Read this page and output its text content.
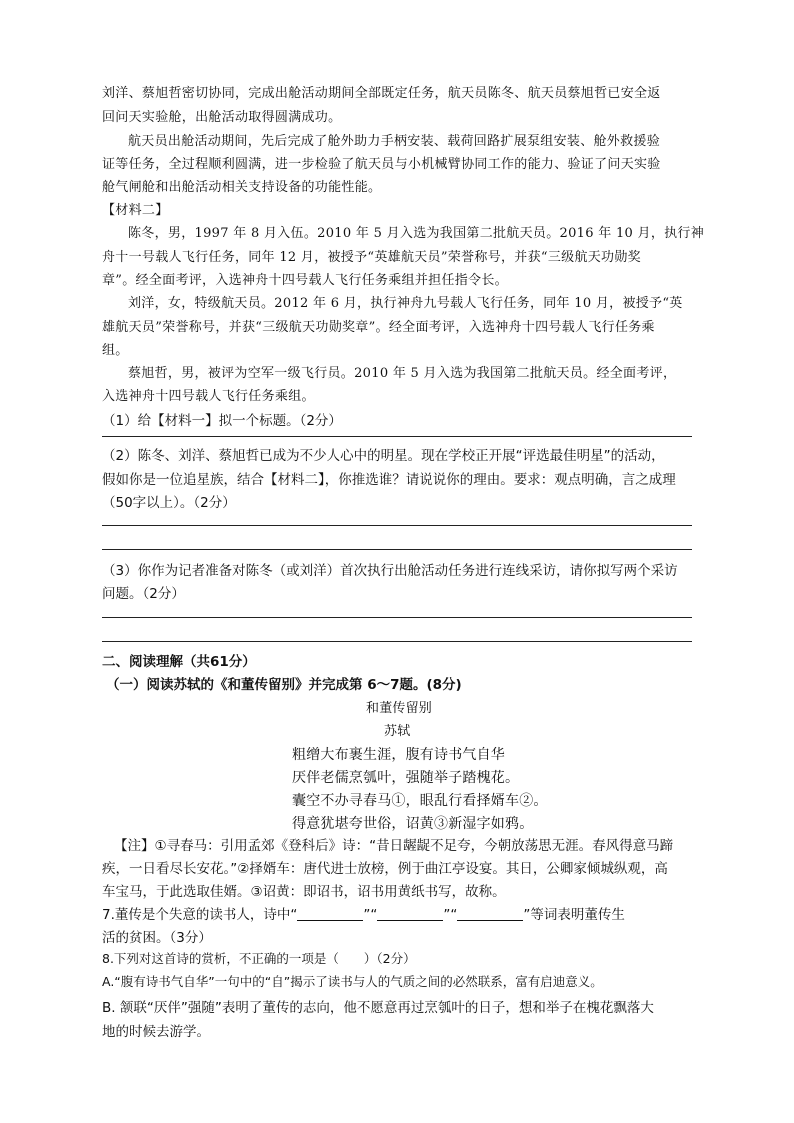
刘洋、蔡旭哲密切协同，完成出舱活动期间全部既定任务，航天员陈冬、航天员蔡旭哲已安全返

回问天实验舱，出舱活动取得圆满成功。

航天员出舱活动期间，先后完成了舱外助力手柄安装、载荷回路扩展泵组安装、舱外救援验

证等任务，全过程顺利圆满，进一步检验了航天员与小机械臂协同工作的能力、验证了问天实验

舱气闸舱和出舱活动相关支持设备的功能性能。

【材料二】

陈冬，男，1997 年 8 月入伍。2010 年 5 月入选为我国第二批航天员。2016 年 10 月，执行神

舟十一号载人飞行任务，同年 12 月，被授予“英雄航天员”荣誉称号，并获“三级航天功勋奖

章”。经全面考评，入选神舟十四号载人飞行任务乘组并担任指令长。

刘洋，女，特级航天员。2012 年 6 月，执行神舟九号载人飞行任务，同年 10 月，被授予“英

雄航天员”荣誉称号，并获“三级航天功勋奖章”。经全面考评，入选神舟十四号载人飞行任务乘

组。

蔡旭哲，男，被评为空军一级飞行员。2010 年 5 月入选为我国第二批航天员。经全面考评，

入选神舟十四号载人飞行任务乘组。

（1）给【材料一】拟一个标题。（2分）

（2）陈冬、刘洋、蔡旭哲已成为不少人心中的明星。现在学校正开展“评选最佳明星”的活动，

假如你是一位追星族，结合【材料二】，你推选谁？请说说你的理由。要求：观点明确，言之成理

（50字以上）。（2分）

（3）你作为记者准备对陈冬（或刘洋）首次执行出舱活动任务进行连线采访，请你拟写两个采访

问题。（2分）

二、阅读理解（共61分）

（一）阅读苏轼的《和董传留别》并完成第 6～7题。(8分)

和董传留别

苏轼

粗缯大布裹生涯，腹有诗书气自华

厌伴老儒烹瓠叶，强随举子踏槐花。

囊空不办寻春马①，眼乱行看择婿车②。

得意犹堪夸世俗，诏黄③新湿字如鸦。

【注】①寻春马：引用孟郊《登科后》诗：“昔日龌龊不足夸，今朝放荡思无涯。春风得意马蹄

疾，一日看尽长安花。”②择婿车：唐代进士放榜，例于曲江亭设宴。其日，公卿家倾城纵观，高

车宝马，于此选取佳婿。③诏黄：即诏书，诏书用黄纸书写，故称。

7.董传是个失意的读书人，诗中“	”“	”“	”等词表明董传生

活的贫困。（3分）

8.下列对这首诗的赏析，不正确的一项是（　　）（2分）

A.“腹有诗书气自华”一句中的“自”揭示了读书与人的气质之间的必然联系，富有启迪意义。

B. 颔联“厌伴”强随”表明了董传的志向，他不愿意再过烹瓠叶的日子，想和举子在槐花飘落大

地的时候去游学。
